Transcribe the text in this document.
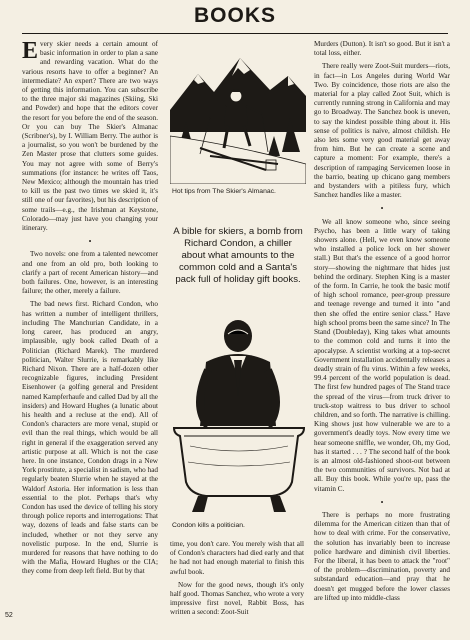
BOOKS

Every skier needs a certain amount of basic information in order to plan a sane and rewarding vacation. What do the various resorts have to offer a beginner? An intermediate? An expert? There are two ways of getting this information. You can subscribe to the three major ski magazines (Skiing, Ski and Powder) and hope that the editors cover the resort for you before the end of the season. Or you can buy The Skier's Almanac (Scribner's), by I. William Berry. The author is a journalist, so you won't be burdened by the Zen Master prose that clutters some guides. You may not agree with some of Berry's summations (for instance: he writes off Taos, New Mexico; although the mountain has tried to kill us the past two times we skied it, it's still one of our favorites), but his description of some trails—e.g., the Irishman at Keystone, Colorado—may just have you changing your itinerary.

•

Two novels: one from a talented newcomer and one from an old pro, both looking to clarify a part of recent American history—and both failures. One, however, is an interesting failure; the other, merely a failure.

The bad news first. Richard Condon, who has written a number of intelligent thrillers, including The Manchurian Candidate, in a long career, has produced an angry, implausible, ugly book called Death of a Politician (Richard Marek). The murdered politician, Walter Slurrie, is remarkably like Richard Nixon. There are a half-dozen other recognizable figures, including President Eisenhower (a golfing general and President named Kampferhaufe and called Dad by all the insiders) and Howard Hughes (a lunatic about his health and a recluse at the end). All of Condon's characters are more venal, stupid or evil than the real things, which would be all right in general if the exaggeration served any artistic purpose at all. Which is not the case here. In one instance, Condon drags in a New York prostitute, a specialist in sadism, who had regularly beaten Slurrie when he stayed at the Waldorf Astoria. Her information is less than essential to the plot. Perhaps that's why Condon has used the device of telling his story through police reports and interrogations: That way, dozens of leads and false starts can be included, whether or not they serve any novelistic purpose. In the end, Slurrie is murdered for reasons that have nothing to do with the Mafia, Howard Hughes or the CIA; they come from deep left field. But by that

Hot tips from The Skier's Almanac.
A bible for skiers, a bomb from Richard Condon, a chiller about what amounts to the common cold and a Santa's pack full of holiday gift books.
Condon kills a politician.

time, you don't care. You merely wish that all of Condon's characters had died early and that he had not had enough material to finish this awful book.

Now for the good news, though it's only half good. Thomas Sanchez, who wrote a very impressive first novel, Rabbit Boss, has written a second: Zoot-Suit

Murders (Dutton). It isn't so good. But it isn't a total loss, either.

There really were Zoot-Suit murders—riots, in fact—in Los Angeles during World War Two. By coincidence, those riots are also the material for a play called Zoot Suit, which is currently running strong in California and may go to Broadway. The Sanchez book is uneven, to say the kindest possible thing about it. His sense of politics is naive, almost childish. He also lets some very good material get away from him. But he can create a scene and capture a moment: For example, there's a description of rampaging Servicemen loose in the barrio, beating up chicano gang members and bystanders with a pitiless fury, which Sanchez handles like a master.

•

We all know someone who, since seeing Psycho, has been a little wary of taking showers alone. (Hell, we even know someone who installed a police lock on her shower stall.) But that's the essence of a good horror story—showing the nightmare that hides just behind the ordinary. Stephen King is a master of the form. In Carrie, he took the basic motif of high school romance, peer-group pressure and teenage revenge and turned it into "and then she offed the entire senior class." Have high school proms been the same since? In The Stand (Doubleday), King takes what amounts to the common cold and turns it into the apocalypse. A scientist working at a top-secret Government installation accidentally releases a deadly strain of flu virus. Within a few weeks, 99.4 percent of the world population is dead. The first few hundred pages of The Stand trace the spread of the virus—from truck driver to truck-stop waitress to bus driver to school children, and so forth. The narrative is chilling. King shows just how vulnerable we are to a government's deadly toys. Now every time we hear someone sniffle, we wonder, Oh, my God, has it started . . . ? The second half of the book is an almost old-fashioned shoot-out between the two communities of survivors. Not bad at all. Buy this book. While you're up, pass the vitamin C.

•

There is perhaps no more frustrating dilemma for the American citizen than that of how to deal with crime. For the conservative, the solution has invariably been to increase police hardware and diminish civil liberties. For the liberal, it has been to attack the "root" of the problem—discrimination, poverty and substandard education—and pray that he doesn't get mugged before the lower classes are lifted up into middle-class

52
